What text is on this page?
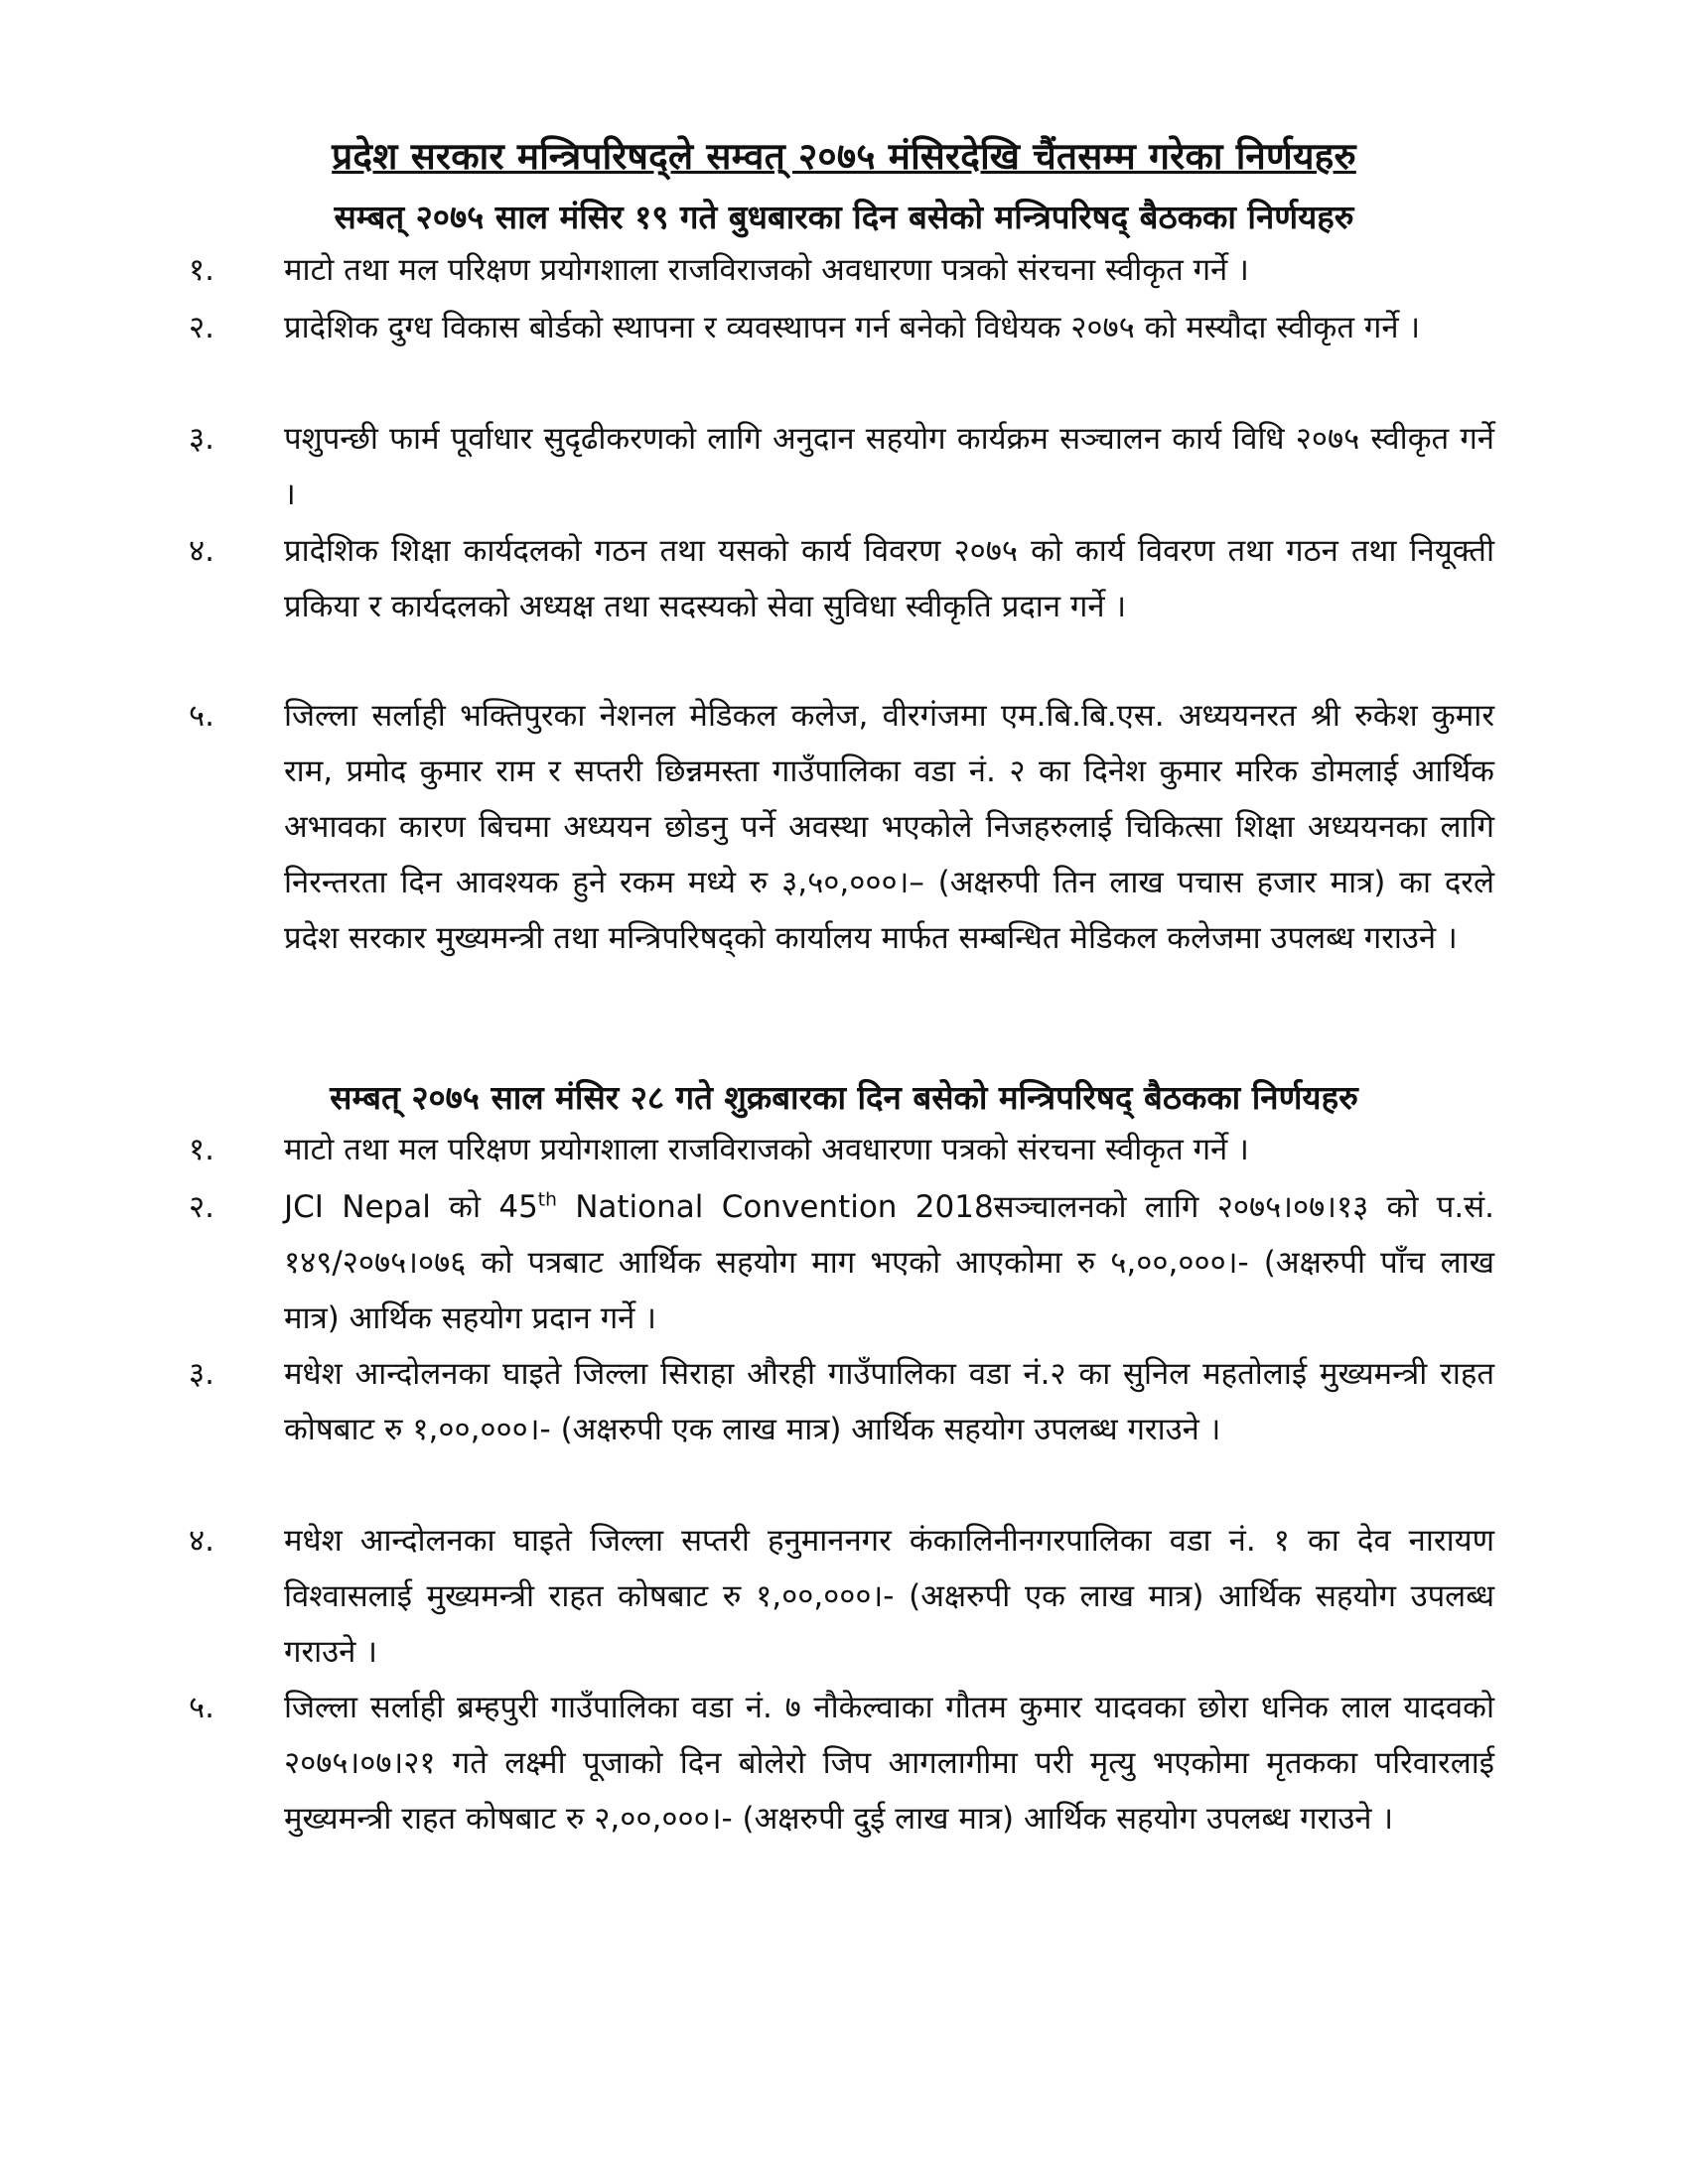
प्रदेश सरकार मन्त्रिपरिषद्‌ले सम्वत्‌ २०७५ मंसिरदेखि चैंतसम्म गरेका निर्णयहरु
सम्बत्‌ २०७५ साल मंसिर १९ गते बुधबारका दिन बसेको मन्त्रिपरिषद्‌ बैठकका निर्णयहरु
१.	माटो तथा मल परिक्षण प्रयोगशाला राजविराजको अवधारणा पत्रको संरचना स्वीकृत गर्ने ।
२.	प्रादेशिक दुग्ध विकास बोर्डको स्थापना र व्यवस्थापन गर्न बनेको विधेयक २०७५ को मस्यौदा स्वीकृत गर्ने ।
३.	पशुपन्छी फार्म पूर्वाधार सुदृढीकरणको लागि अनुदान सहयोग कार्यक्रम सञ्चालन कार्य विधि २०७५ स्वीकृत गर्ने ।
४.	प्रादेशिक शिक्षा कार्यदलको गठन तथा यसको कार्य विवरण २०७५ को कार्य विवरण तथा गठन तथा नियूक्ती प्रकिया र कार्यदलको अध्यक्ष तथा सदस्यको सेवा सुविधा स्वीकृति प्रदान गर्ने ।
५.	जिल्ला सर्लाही भक्तिपुरका नेशनल मेडिकल कलेज, वीरगंजमा एम.बि.बि.एस. अध्ययनरत श्री रुकेश कुमार राम, प्रमोद कुमार राम र सप्तरी छिन्नमस्ता गाउँपालिका वडा नं. २ का दिनेश कुमार मरिक डोमलाई आर्थिक अभावका कारण बिचमा अध्ययन छोडनु पर्ने अवस्था भएकोले निजहरुलाई चिकित्सा शिक्षा अध्ययनका लागि निरन्तरता दिन आवश्यक हुने रकम मध्ये रु ३,५०,०००।– (अक्षरुपी तिन लाख पचास हजार मात्र) का दरले प्रदेश सरकार मुख्यमन्त्री तथा मन्त्रिपरिषद्‌को कार्यालय मार्फत सम्बन्धित मेडिकल कलेजमा उपलब्ध गराउने ।
सम्बत्‌ २०७५ साल मंसिर २८ गते शुक्रबारका दिन बसेको मन्त्रिपरिषद्‌ बैठकका निर्णयहरु
१.	माटो तथा मल परिक्षण प्रयोगशाला राजविराजको अवधारणा पत्रको संरचना स्वीकृत गर्ने ।
२.	JCI Nepal को 45th National Convention 2018सञ्चालनको लागि २०७५।०७।१३ को प.सं. १४९/२०७५।०७६ को पत्रबाट आर्थिक सहयोग माग भएको आएकोमा रु ५,००,०००।- (अक्षरुपी पाँच लाख मात्र) आर्थिक सहयोग प्रदान गर्ने ।
३.	मधेश आन्दोलनका घाइते जिल्ला सिराहा औरही गाउँपालिका वडा नं.२ का सुनिल महतोलाई मुख्यमन्त्री राहत कोषबाट रु १,००,०००।- (अक्षरुपी एक लाख मात्र) आर्थिक सहयोग उपलब्ध गराउने ।
४.	मधेश आन्दोलनका घाइते जिल्ला सप्तरी हनुमाननगर कंकालिनीनगरपालिका वडा नं. १ का देव नारायण विश्वासलाई मुख्यमन्त्री राहत कोषबाट रु १,००,०००।- (अक्षरुपी एक लाख मात्र) आर्थिक सहयोग उपलब्ध गराउने ।
५.	जिल्ला सर्लाही ब्रम्हपुरी गाउँपालिका वडा नं. ७ नौकेल्वाका गौतम कुमार यादवका छोरा धनिक लाल यादवको २०७५।०७।२१ गते लक्ष्मी पूजाको दिन बोलेरो जिप आगलागीमा परी मृत्यु भएकोमा मृतकका परिवारलाई मुख्यमन्त्री राहत कोषबाट रु २,००,०००।- (अक्षरुपी दुई लाख मात्र) आर्थिक सहयोग उपलब्ध गराउने ।
